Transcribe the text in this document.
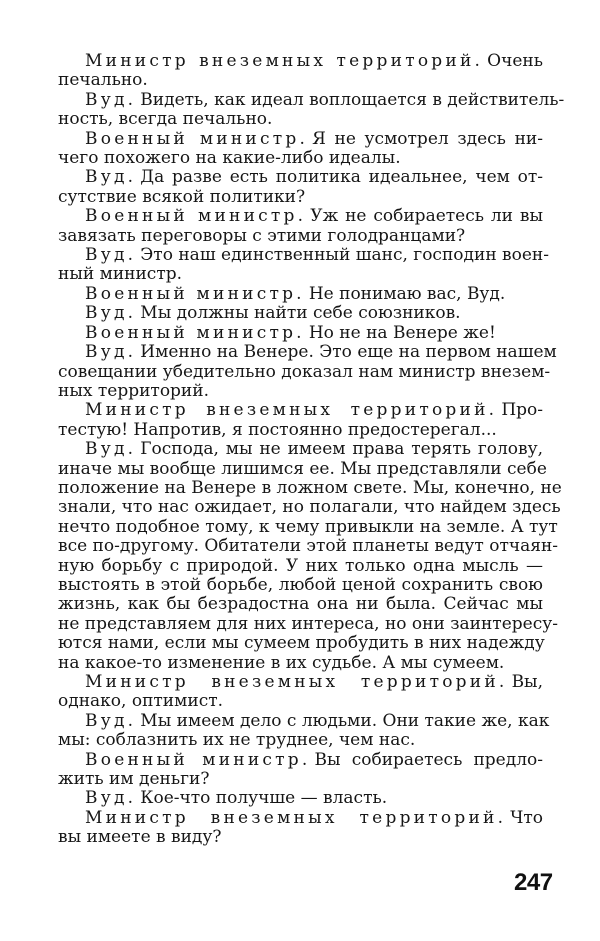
Министр внеземных территорий. Очень
печально.
Вуд. Видеть, как идеал воплощается в действитель-
ность, всегда печально.
Военный министр. Я не усмотрел здесь ни-
чего похожего на какие-либо идеалы.
Вуд. Да разве есть политика идеальнее, чем от-
сутствие всякой политики?
Военный министр. Уж не собираетесь ли вы
завязать переговоры с этими голодранцами?
Вуд. Это наш единственный шанс, господин воен-
ный министр.
Военный министр. Не понимаю вас, Вуд.
Вуд. Мы должны найти себе союзников.
Военный министр. Но не на Венере же!
Вуд. Именно на Венере. Это еще на первом нашем
совещании убедительно доказал нам министр внезем-
ных территорий.
Министр внеземных территорий. Про-
тестую! Напротив, я постоянно предостерегал...
Вуд. Господа, мы не имеем права терять голову,
иначе мы вообще лишимся ее. Мы представляли себе
положение на Венере в ложном свете. Мы, конечно, не
знали, что нас ожидает, но полагали, что найдем здесь
нечто подобное тому, к чему привыкли на земле. А тут
все по-другому. Обитатели этой планеты ведут отчаян-
ную борьбу с природой. У них только одна мысль —
выстоять в этой борьбе, любой ценой сохранить свою
жизнь, как бы безрадостна она ни была. Сейчас мы
не представляем для них интереса, но они заинтересу-
ются нами, если мы сумеем пробудить в них надежду
на какое-то изменение в их судьбе. А мы сумеем.
Министр внеземных территорий. Вы,
однако, оптимист.
Вуд. Мы имеем дело с людьми. Они такие же, как
мы: соблазнить их не труднее, чем нас.
Военный министр. Вы собираетесь предло-
жить им деньги?
Вуд. Кое-что получше — власть.
Министр внеземных территорий. Что
вы имеете в виду?
247
